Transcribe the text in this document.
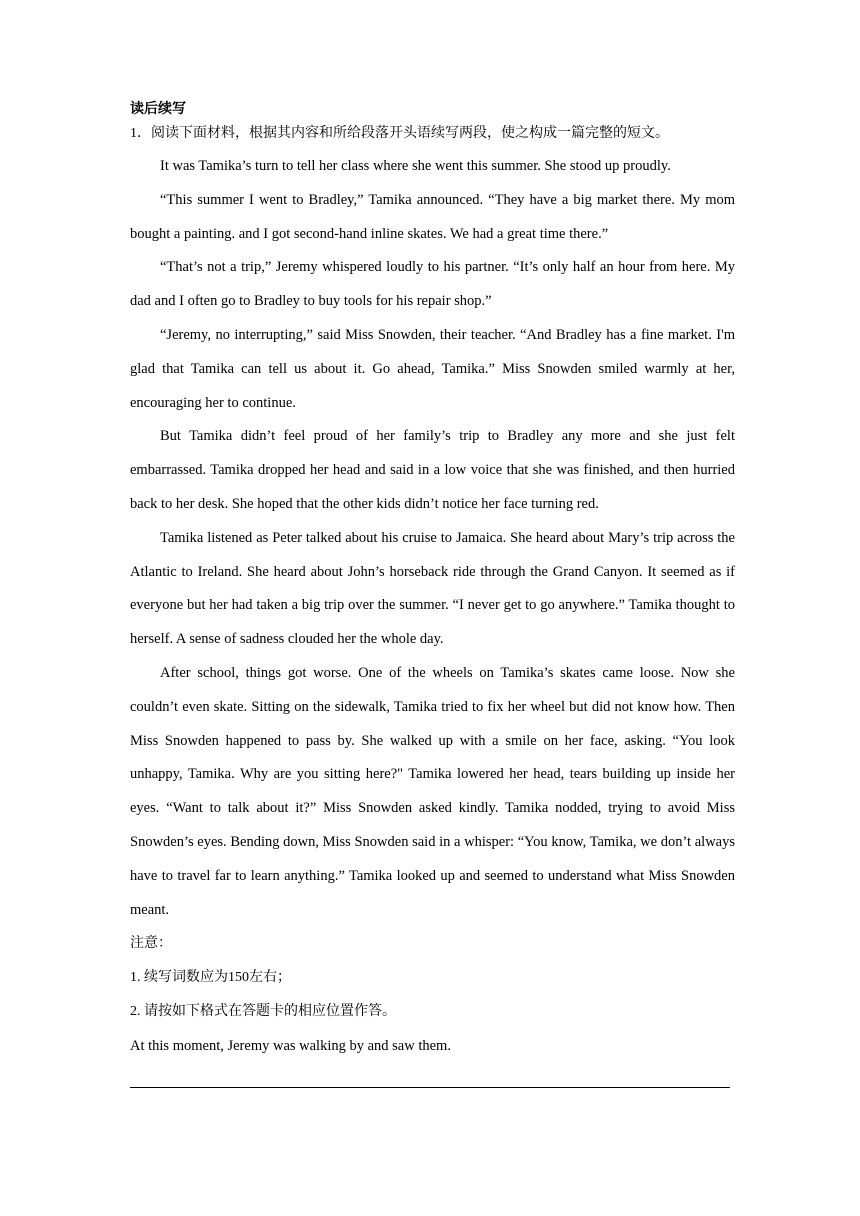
读后续写

1．阅读下面材料，根据其内容和所给段落开头语续写两段，使之构成一篇完整的短文。

It was Tamika’s turn to tell her class where she went this summer. She stood up proudly.

“This summer I went to Bradley,” Tamika announced. “They have a big market there. My mom bought a painting. and I got second-hand inline skates. We had a great time there.”

“That’s not a trip,” Jeremy whispered loudly to his partner. “It’s only half an hour from here. My dad and I often go to Bradley to buy tools for his repair shop.”

“Jeremy, no interrupting,” said Miss Snowden, their teacher. “And Bradley has a fine market. I'm glad that Tamika can tell us about it. Go ahead, Tamika.” Miss Snowden smiled warmly at her, encouraging her to continue.

But Tamika didn’t feel proud of her family’s trip to Bradley any more and she just felt embarrassed. Tamika dropped her head and said in a low voice that she was finished, and then hurried back to her desk. She hoped that the other kids didn’t notice her face turning red.

Tamika listened as Peter talked about his cruise to Jamaica. She heard about Mary’s trip across the Atlantic to Ireland. She heard about John’s horseback ride through the Grand Canyon. It seemed as if everyone but her had taken a big trip over the summer. “I never get to go anywhere.” Tamika thought to herself. A sense of sadness clouded her the whole day.

After school, things got worse. One of the wheels on Tamika’s skates came loose. Now she couldn’t even skate. Sitting on the sidewalk, Tamika tried to fix her wheel but did not know how. Then Miss Snowden happened to pass by. She walked up with a smile on her face, asking. “You look unhappy, Tamika. Why are you sitting here?" Tamika lowered her head, tears building up inside her eyes. “Want to talk about it?” Miss Snowden asked kindly. Tamika nodded, trying to avoid Miss Snowden’s eyes. Bending down, Miss Snowden said in a whisper: “You know, Tamika, we don’t always have to travel far to learn anything.” Tamika looked up and seemed to understand what Miss Snowden meant.

注意：

1. 续写词数应为150左右；

2. 请按如下格式在答题卡的相应位置作答。

At this moment, Jeremy was walking by and saw them.
